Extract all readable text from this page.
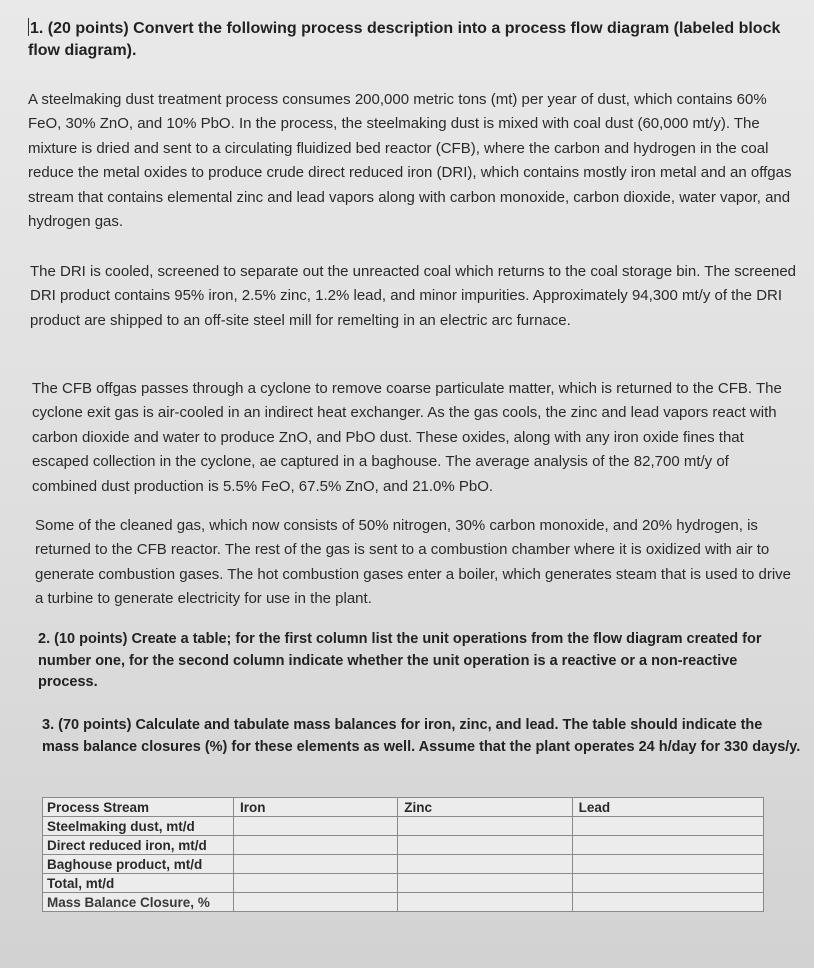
1. (20 points) Convert the following process description into a process flow diagram (labeled block flow diagram).
A steelmaking dust treatment process consumes 200,000 metric tons (mt) per year of dust, which contains 60% FeO, 30% ZnO, and 10% PbO. In the process, the steelmaking dust is mixed with coal dust (60,000 mt/y). The mixture is dried and sent to a circulating fluidized bed reactor (CFB), where the carbon and hydrogen in the coal reduce the metal oxides to produce crude direct reduced iron (DRI), which contains mostly iron metal and an offgas stream that contains elemental zinc and lead vapors along with carbon monoxide, carbon dioxide, water vapor, and hydrogen gas.
The DRI is cooled, screened to separate out the unreacted coal which returns to the coal storage bin. The screened DRI product contains 95% iron, 2.5% zinc, 1.2% lead, and minor impurities. Approximately 94,300 mt/y of the DRI product are shipped to an off-site steel mill for remelting in an electric arc furnace.
The CFB offgas passes through a cyclone to remove coarse particulate matter, which is returned to the CFB. The cyclone exit gas is air-cooled in an indirect heat exchanger. As the gas cools, the zinc and lead vapors react with carbon dioxide and water to produce ZnO, and PbO dust. These oxides, along with any iron oxide fines that escaped collection in the cyclone, ae captured in a baghouse. The average analysis of the 82,700 mt/y of combined dust production is 5.5% FeO, 67.5% ZnO, and 21.0% PbO.
Some of the cleaned gas, which now consists of 50% nitrogen, 30% carbon monoxide, and 20% hydrogen, is returned to the CFB reactor. The rest of the gas is sent to a combustion chamber where it is oxidized with air to generate combustion gases. The hot combustion gases enter a boiler, which generates steam that is used to drive a turbine to generate electricity for use in the plant.
2. (10 points) Create a table; for the first column list the unit operations from the flow diagram created for number one, for the second column indicate whether the unit operation is a reactive or a non-reactive process.
3. (70 points) Calculate and tabulate mass balances for iron, zinc, and lead. The table should indicate the mass balance closures (%) for these elements as well. Assume that the plant operates 24 h/day for 330 days/y.
Process Stream	Iron	Zinc	Lead
Steelmaking dust, mt/d			
Direct reduced iron, mt/d			
Baghouse product, mt/d			
Total, mt/d			
Mass Balance Closure, %			
